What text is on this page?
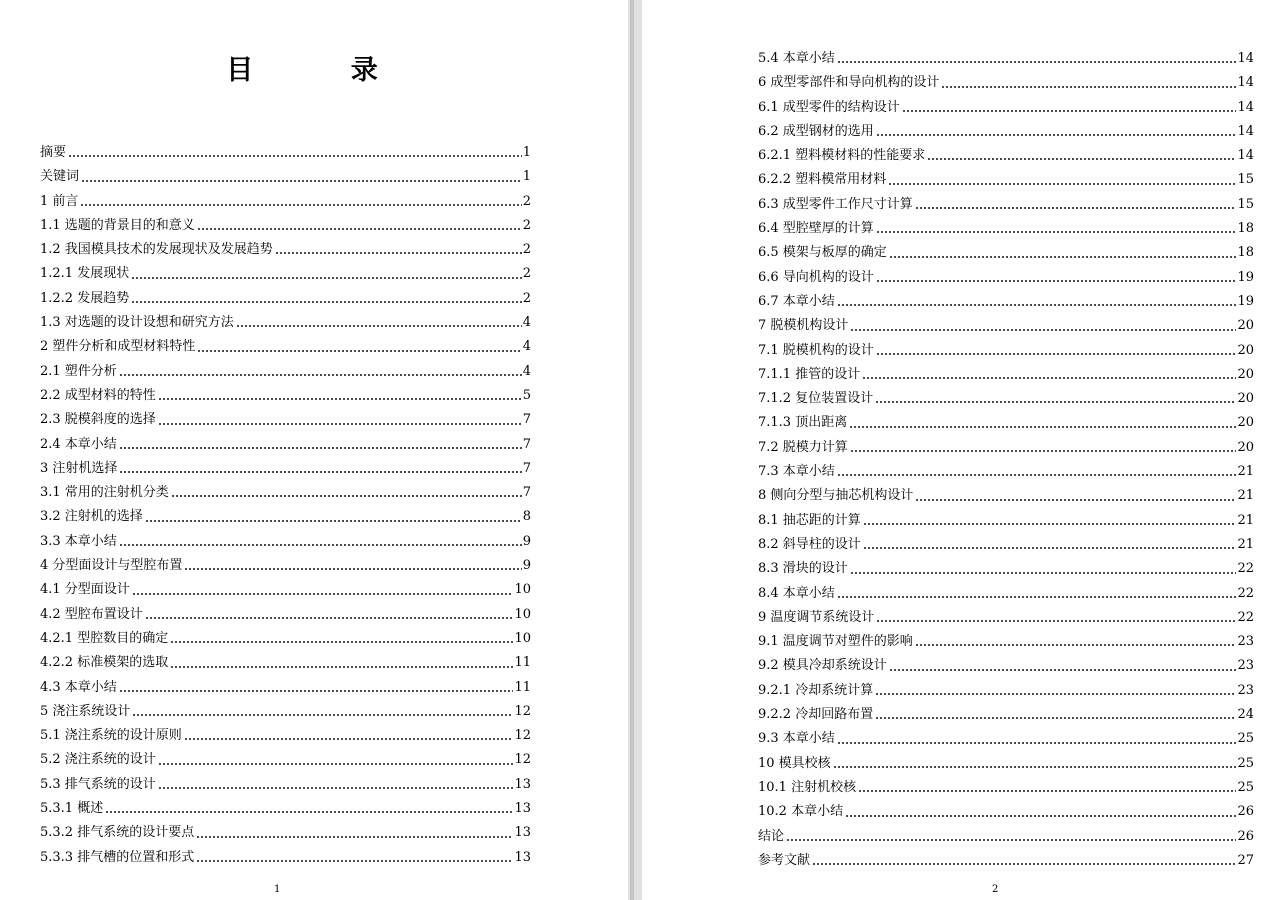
目 录
摘要	1
关键词	1
1 前言	2
1.1 选题的背景目的和意义	2
1.2 我国模具技术的发展现状及发展趋势	2
1.2.1 发展现状	2
1.2.2 发展趋势	2
1.3 对选题的设计设想和研究方法	4
2 塑件分析和成型材料特性	4
2.1 塑件分析	4
2.2 成型材料的特性	5
2.3 脱模斜度的选择	7
2.4 本章小结	7
3 注射机选择	7
3.1 常用的注射机分类	7
3.2 注射机的选择	8
3.3 本章小结	9
4 分型面设计与型腔布置	9
4.1 分型面设计	10
4.2 型腔布置设计	10
4.2.1 型腔数目的确定	10
4.2.2 标准模架的选取	11
4.3 本章小结	11
5 浇注系统设计	12
5.1 浇注系统的设计原则	12
5.2 浇注系统的设计	12
5.3 排气系统的设计	13
5.3.1 概述	13
5.3.2 排气系统的设计要点	13
5.3.3 排气槽的位置和形式	13
1
5.4 本章小结	14
6 成型零部件和导向机构的设计	14
6.1 成型零件的结构设计	14
6.2 成型钢材的选用	14
6.2.1 塑料模材料的性能要求	14
6.2.2 塑料模常用材料	15
6.3 成型零件工作尺寸计算	15
6.4 型腔壁厚的计算	18
6.5 模架与板厚的确定	18
6.6 导向机构的设计	19
6.7 本章小结	19
7 脱模机构设计	20
7.1 脱模机构的设计	20
7.1.1 推管的设计	20
7.1.2 复位装置设计	20
7.1.3 顶出距离	20
7.2 脱模力计算	20
7.3 本章小结	21
8 侧向分型与抽芯机构设计	21
8.1 抽芯距的计算	21
8.2 斜导柱的设计	21
8.3 滑块的设计	22
8.4 本章小结	22
9 温度调节系统设计	22
9.1 温度调节对塑件的影响	23
9.2 模具冷却系统设计	23
9.2.1 冷却系统计算	23
9.2.2 冷却回路布置	24
9.3 本章小结	25
10 模具校核	25
10.1 注射机校核	25
10.2 本章小结	26
结论	26
参考文献	27
2
